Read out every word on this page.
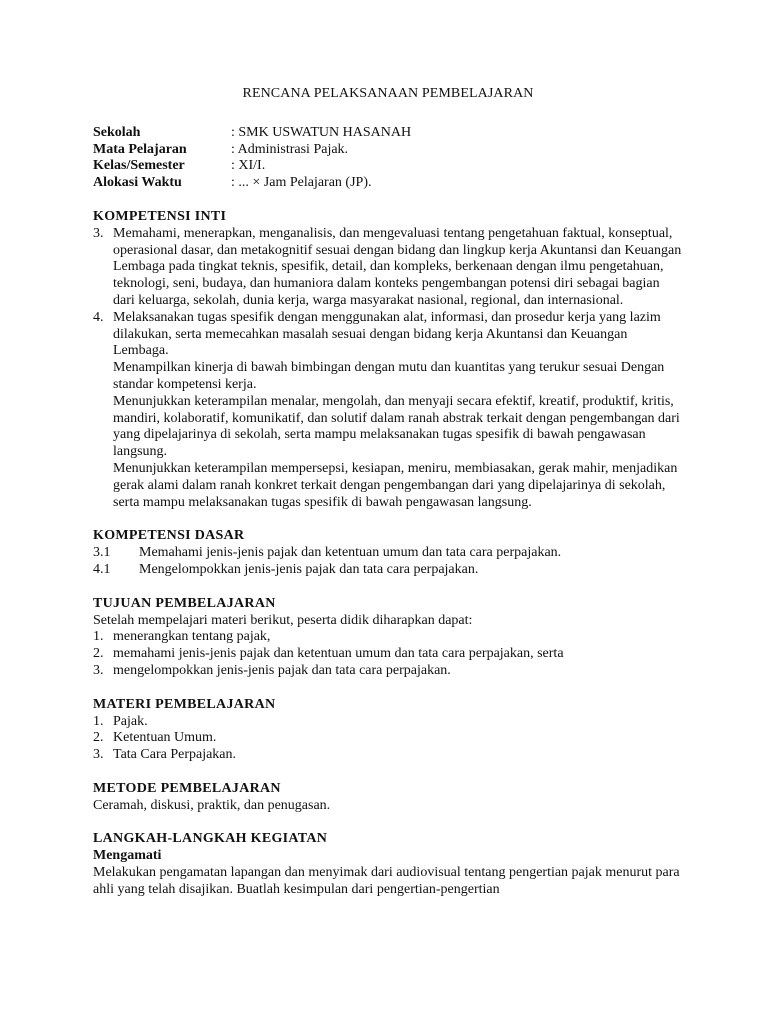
RENCANA PELAKSANAAN PEMBELAJARAN
Sekolah	: SMK USWATUN HASANAH
Mata Pelajaran	: Administrasi Pajak.
Kelas/Semester	: XI/I.
Alokasi Waktu	: ... × Jam Pelajaran (JP).
KOMPETENSI INTI
3. Memahami, menerapkan, menganalisis, dan mengevaluasi tentang pengetahuan faktual, konseptual, operasional dasar, dan metakognitif sesuai dengan bidang dan lingkup kerja Akuntansi dan Keuangan Lembaga pada tingkat teknis, spesifik, detail, dan kompleks, berkenaan dengan ilmu pengetahuan, teknologi, seni, budaya, dan humaniora dalam konteks pengembangan potensi diri sebagai bagian dari keluarga, sekolah, dunia kerja, warga masyarakat nasional, regional, dan internasional.
4. Melaksanakan tugas spesifik dengan menggunakan alat, informasi, dan prosedur kerja yang lazim dilakukan, serta memecahkan masalah sesuai dengan bidang kerja Akuntansi dan Keuangan Lembaga.

Menampilkan kinerja di bawah bimbingan dengan mutu dan kuantitas yang terukur sesuai Dengan standar kompetensi kerja.

Menunjukkan keterampilan menalar, mengolah, dan menyaji secara efektif, kreatif, produktif, kritis, mandiri, kolaboratif, komunikatif, dan solutif dalam ranah abstrak terkait dengan pengembangan dari yang dipelajarinya di sekolah, serta mampu melaksanakan tugas spesifik di bawah pengawasan langsung.

Menunjukkan keterampilan mempersepsi, kesiapan, meniru, membiasakan, gerak mahir, menjadikan gerak alami dalam ranah konkret terkait dengan pengembangan dari yang dipelajarinya di sekolah, serta mampu melaksanakan tugas spesifik di bawah pengawasan langsung.

KOMPETENSI DASAR
3.1	Memahami jenis-jenis pajak dan ketentuan umum dan tata cara perpajakan.
4.1	Mengelompokkan jenis-jenis pajak dan tata cara perpajakan.
TUJUAN PEMBELAJARAN
Setelah mempelajari materi berikut, peserta didik diharapkan dapat:
1. menerangkan tentang pajak,
2. memahami jenis-jenis pajak dan ketentuan umum dan tata cara perpajakan, serta
3. mengelompokkan jenis-jenis pajak dan tata cara perpajakan.
MATERI PEMBELAJARAN
1. Pajak.
2. Ketentuan Umum.
3. Tata Cara Perpajakan.
METODE PEMBELAJARAN
Ceramah, diskusi, praktik, dan penugasan.
LANGKAH-LANGKAH KEGIATAN
Mengamati
Melakukan pengamatan lapangan dan menyimak dari audiovisual tentang pengertian pajak menurut para ahli yang telah disajikan. Buatlah kesimpulan dari pengertian-pengertian
